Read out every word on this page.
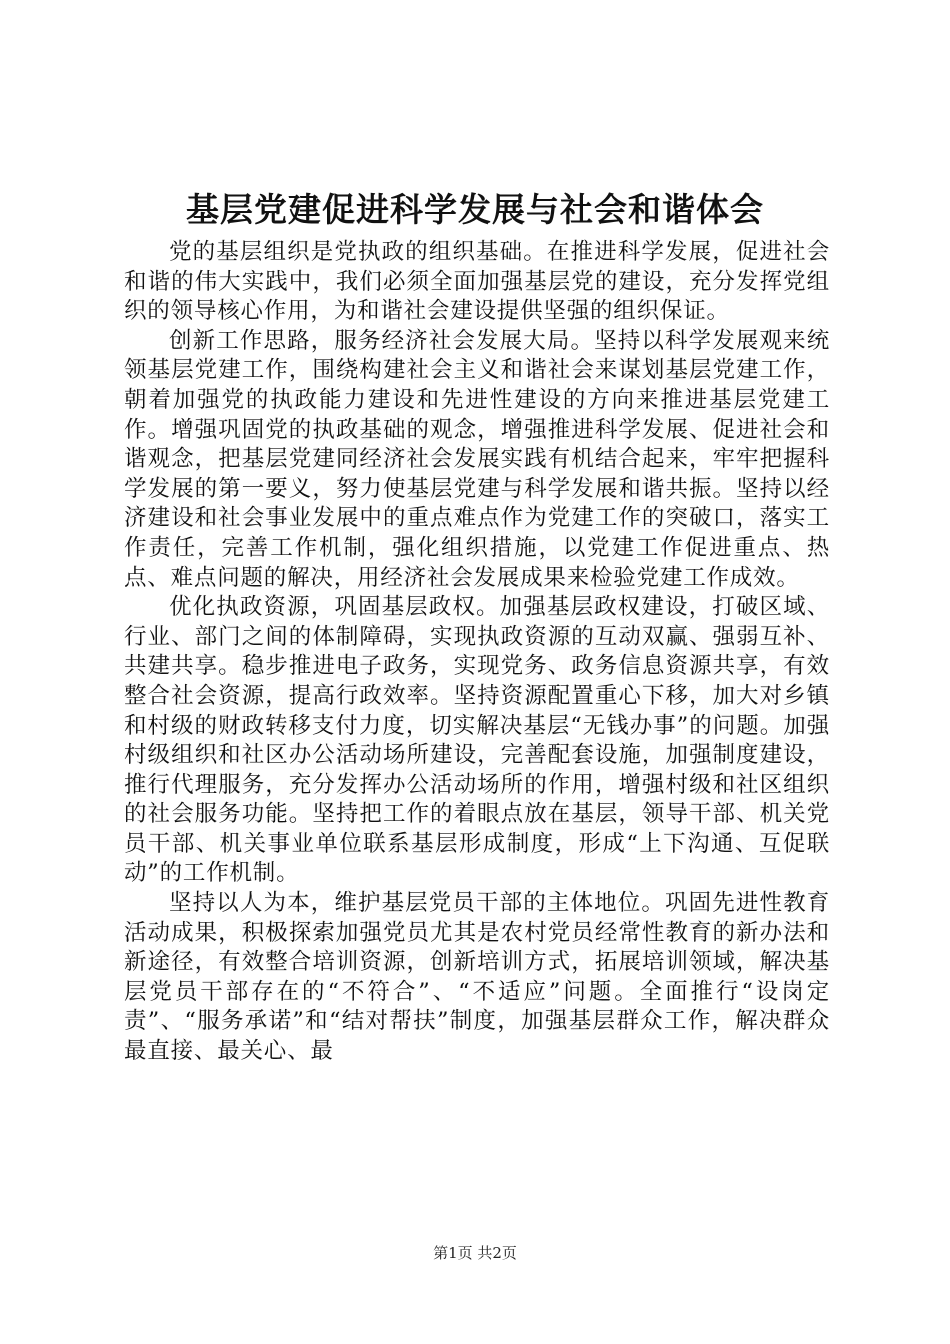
基层党建促进科学发展与社会和谐体会

党的基层组织是党执政的组织基础。在推进科学发展，促进社会和谐的伟大实践中，我们必须全面加强基层党的建设，充分发挥党组织的领导核心作用，为和谐社会建设提供坚强的组织保证。

创新工作思路，服务经济社会发展大局。坚持以科学发展观来统领基层党建工作，围绕构建社会主义和谐社会来谋划基层党建工作，朝着加强党的执政能力建设和先进性建设的方向来推进基层党建工作。增强巩固党的执政基础的观念，增强推进科学发展、促进社会和谐观念，把基层党建同经济社会发展实践有机结合起来，牢牢把握科学发展的第一要义，努力使基层党建与科学发展和谐共振。坚持以经济建设和社会事业发展中的重点难点作为党建工作的突破口，落实工作责任，完善工作机制，强化组织措施，以党建工作促进重点、热点、难点问题的解决，用经济社会发展成果来检验党建工作成效。

优化执政资源，巩固基层政权。加强基层政权建设，打破区域、行业、部门之间的体制障碍，实现执政资源的互动双赢、强弱互补、共建共享。稳步推进电子政务，实现党务、政务信息资源共享，有效整合社会资源，提高行政效率。坚持资源配置重心下移，加大对乡镇和村级的财政转移支付力度，切实解决基层“无钱办事”的问题。加强村级组织和社区办公活动场所建设，完善配套设施，加强制度建设，推行代理服务，充分发挥办公活动场所的作用，增强村级和社区组织的社会服务功能。坚持把工作的着眼点放在基层，领导干部、机关党员干部、机关事业单位联系基层形成制度，形成“上下沟通、互促联动”的工作机制。

坚持以人为本，维护基层党员干部的主体地位。巩固先进性教育活动成果，积极探索加强党员尤其是农村党员经常性教育的新办法和新途径，有效整合培训资源，创新培训方式，拓展培训领域，解决基层党员干部存在的“不符合”、“不适应”问题。全面推行“设岗定责”、“服务承诺”和“结对帮扶”制度，加强基层群众工作，解决群众最直接、最关心、最

第1页 共2页
